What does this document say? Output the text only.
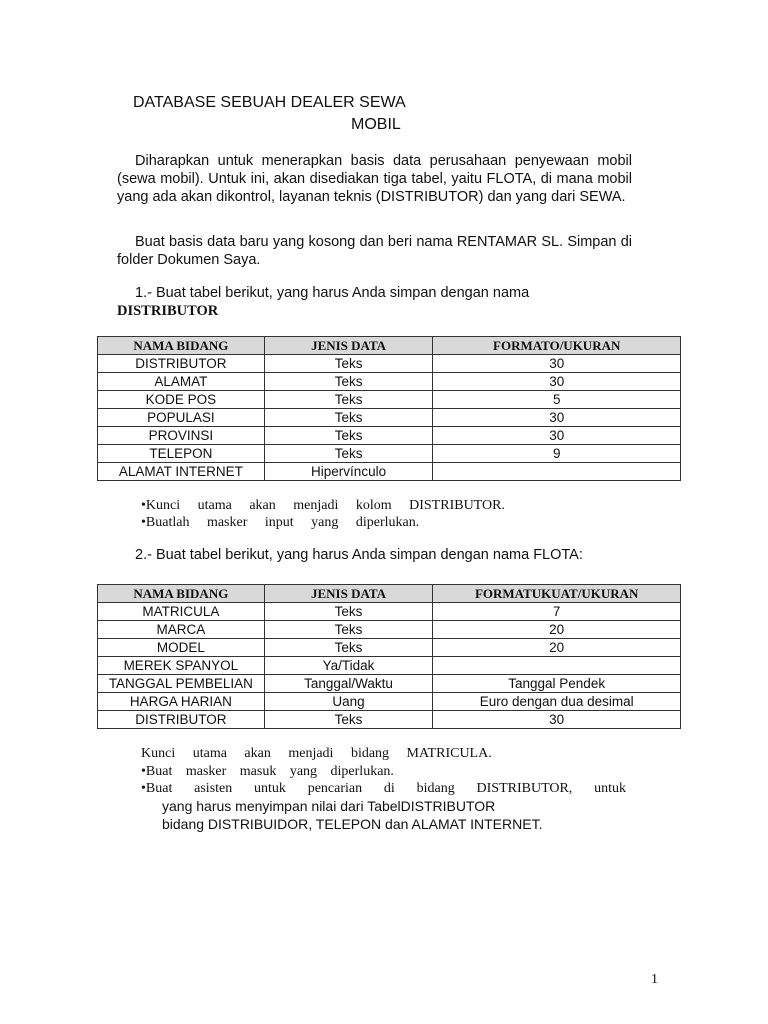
DATABASE SEBUAH DEALER SEWA
MOBIL
Diharapkan untuk menerapkan basis data perusahaan penyewaan mobil (sewa mobil). Untuk ini, akan disediakan tiga tabel, yaitu FLOTA, di mana mobil yang ada akan dikontrol, layanan teknis (DISTRIBUTOR) dan yang dari SEWA.
Buat basis data baru yang kosong dan beri nama RENTAMAR SL. Simpan di folder Dokumen Saya.
1.- Buat tabel berikut, yang harus Anda simpan dengan nama
DISTRIBUTOR
NAMA BIDANG	JENIS DATA	FORMATO/UKURAN
DISTRIBUTOR	Teks	30
ALAMAT	Teks	30
KODE POS	Teks	5
POPULASI	Teks	30
PROVINSI	Teks	30
TELEPON	Teks	9
ALAMAT INTERNET	Hipervínculo	
•Kunci utama akan menjadi kolom DISTRIBUTOR.
•Buatlah masker input yang diperlukan.
2.- Buat tabel berikut, yang harus Anda simpan dengan nama FLOTA:
NAMA BIDANG	JENIS DATA	FORMATUKUAT/UKURAN
MATRICULA	Teks	7
MARCA	Teks	20
MODEL	Teks	20
MEREK SPANYOL	Ya/Tidak	
TANGGAL PEMBELIAN	Tanggal/Waktu	Tanggal Pendek
HARGA HARIAN	Uang	Euro dengan dua desimal
DISTRIBUTOR	Teks	30
Kunci utama akan menjadi bidang MATRICULA.
•Buat masker masuk yang diperlukan.
•Buat asisten untuk pencarian di bidang DISTRIBUTOR, untuk
yang harus menyimpan nilai dari TabelDISTRIBUTOR
bidang DISTRIBUIDOR, TELEPON dan ALAMAT INTERNET.
1
